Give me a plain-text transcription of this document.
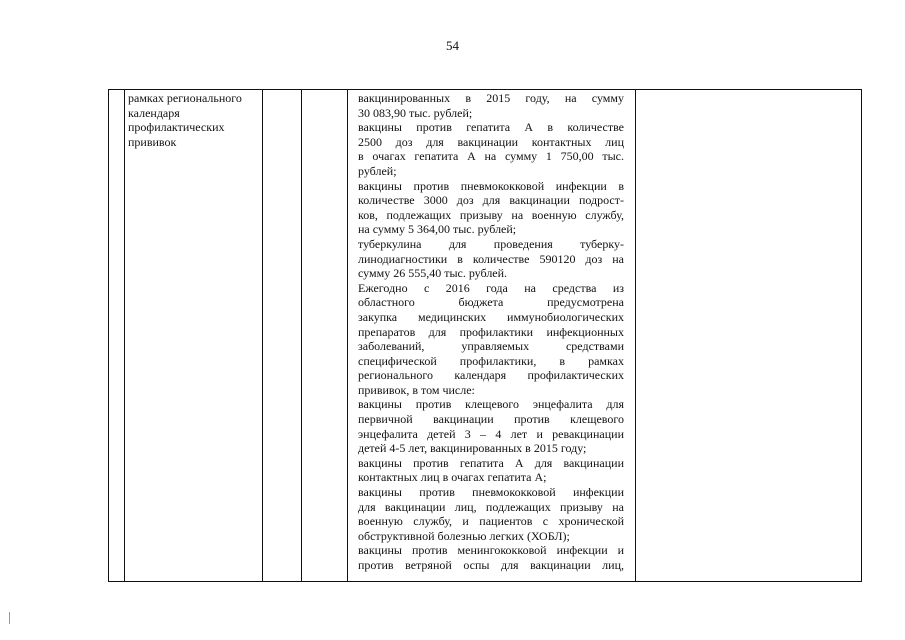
54
рамках регионального
календаря
профилактических
прививок
вакцинированных в 2015 году, на сумму
30 083,90 тыс. рублей;
вакцины против гепатита А в количестве
2500 доз для вакцинации контактных лиц
в очагах гепатита А на сумму 1 750,00 тыс.
рублей;
вакцины против пневмококковой инфекции в
количестве 3000 доз для вакцинации подрост-
ков, подлежащих призыву на военную службу,
на сумму 5 364,00 тыс. рублей;
туберкулина для проведения туберку-
линодиагностики в количестве 590120 доз на
сумму 26 555,40 тыс. рублей.
Ежегодно с 2016 года на средства из
областного бюджета предусмотрена
закупка медицинских иммунобиологических
препаратов для профилактики инфекционных
заболеваний, управляемых средствами
специфической профилактики, в рамках
регионального календаря профилактических
прививок, в том числе:
вакцины против клещевого энцефалита для
первичной вакцинации против клещевого
энцефалита детей 3 – 4 лет и ревакцинации
детей 4-5 лет, вакцинированных в 2015 году;
вакцины против гепатита А для вакцинации
контактных лиц в очагах гепатита А;
вакцины против пневмококковой инфекции
для вакцинации лиц, подлежащих призыву на
военную службу, и пациентов с хронической
обструктивной болезнью легких (ХОБЛ);
вакцины против менингококковой инфекции и
против ветряной оспы для вакцинации лиц,
